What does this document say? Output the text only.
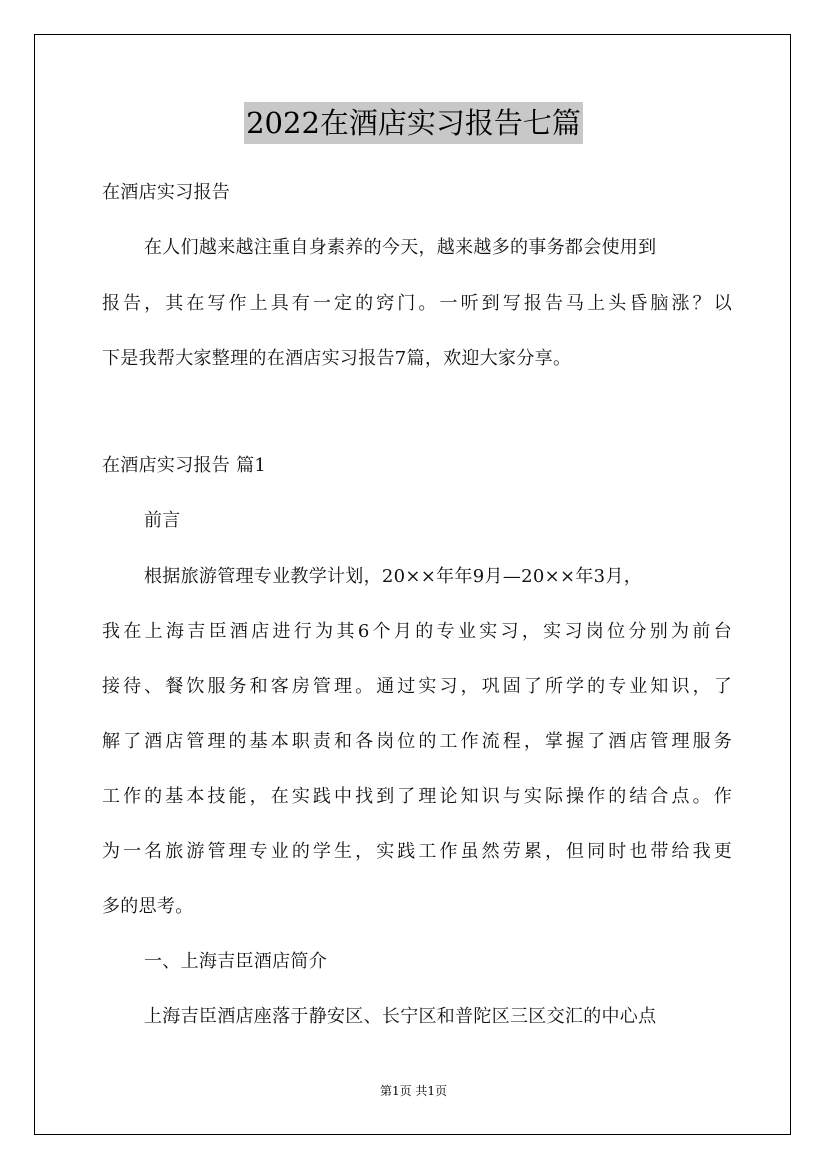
2022在酒店实习报告七篇
在酒店实习报告
在人们越来越注重自身素养的今天，越来越多的事务都会使用到
报告，其在写作上具有一定的窍门。一听到写报告马上头昏脑涨？以
下是我帮大家整理的在酒店实习报告7篇，欢迎大家分享。
在酒店实习报告 篇1
前言
根据旅游管理专业教学计划，20××年年9月—20××年3月，
我在上海吉臣酒店进行为其6个月的专业实习，实习岗位分别为前台
接待、餐饮服务和客房管理。通过实习，巩固了所学的专业知识，了
解了酒店管理的基本职责和各岗位的工作流程，掌握了酒店管理服务
工作的基本技能，在实践中找到了理论知识与实际操作的结合点。作
为一名旅游管理专业的学生，实践工作虽然劳累，但同时也带给我更
多的思考。
一、上海吉臣酒店简介
上海吉臣酒店座落于静安区、长宁区和普陀区三区交汇的中心点
第1页 共1页
